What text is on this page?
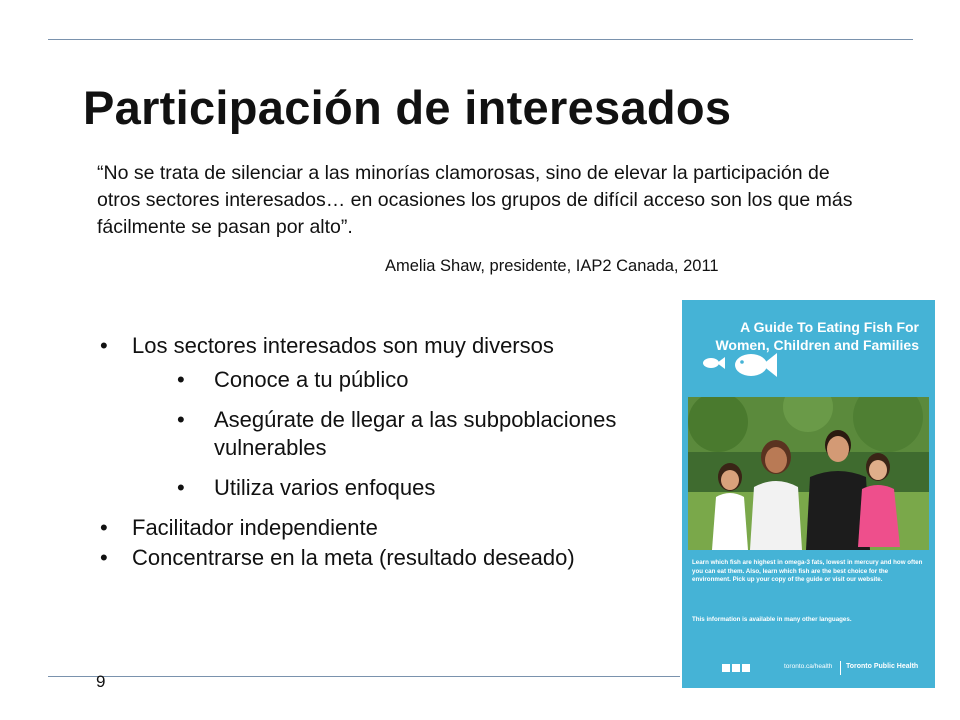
Participación de interesados
“No se trata de silenciar a las minorías clamorosas, sino de elevar la participación de otros sectores interesados… en ocasiones los grupos de difícil acceso son los que más fácilmente se pasan por alto”.
Amelia Shaw, presidente, IAP2 Canada, 2011
• Los sectores interesados son muy diversos
• Conoce a tu público
• Asegúrate de llegar a las subpoblaciones vulnerables
• Utiliza varios enfoques
• Facilitador independiente
• Concentrarse en la meta (resultado deseado)
9
A Guide To Eating Fish For Women, Children and Families
Learn which fish are highest in omega-3 fats, lowest in mercury and how often you can eat them. Also, learn which fish are the best choice for the environment. Pick up your copy of the guide or visit our website.
This information is available in many other languages.
toronto.ca/health Toronto Public Health
